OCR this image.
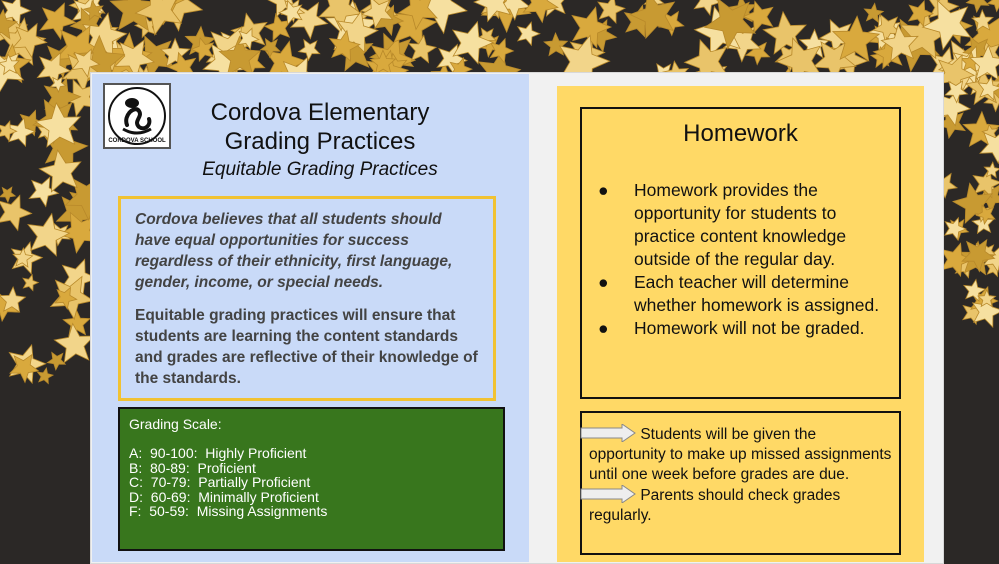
CORDOVA SCHOOL
Cordova Elementary
Grading Practices
Equitable Grading Practices

Cordova believes that all students should have equal opportunities for success regardless of their ethnicity, first language, gender, income, or special needs.

Equitable grading practices will ensure that students are learning the content standards and grades are reflective of their knowledge of the standards.

Grading Scale:
A:  90-100:  Highly Proficient
B:  80-89:  Proficient
C:  70-79:  Partially Proficient
D:  60-69:  Minimally Proficient
F:  50-59:  Missing Assignments
Homework
● Homework provides the opportunity for students to practice content knowledge outside of the regular day.
● Each teacher will determine whether homework is assigned.
● Homework will not be graded.
Students will be given the opportunity to make up missed assignments until one week before grades are due.
Parents should check grades regularly.
